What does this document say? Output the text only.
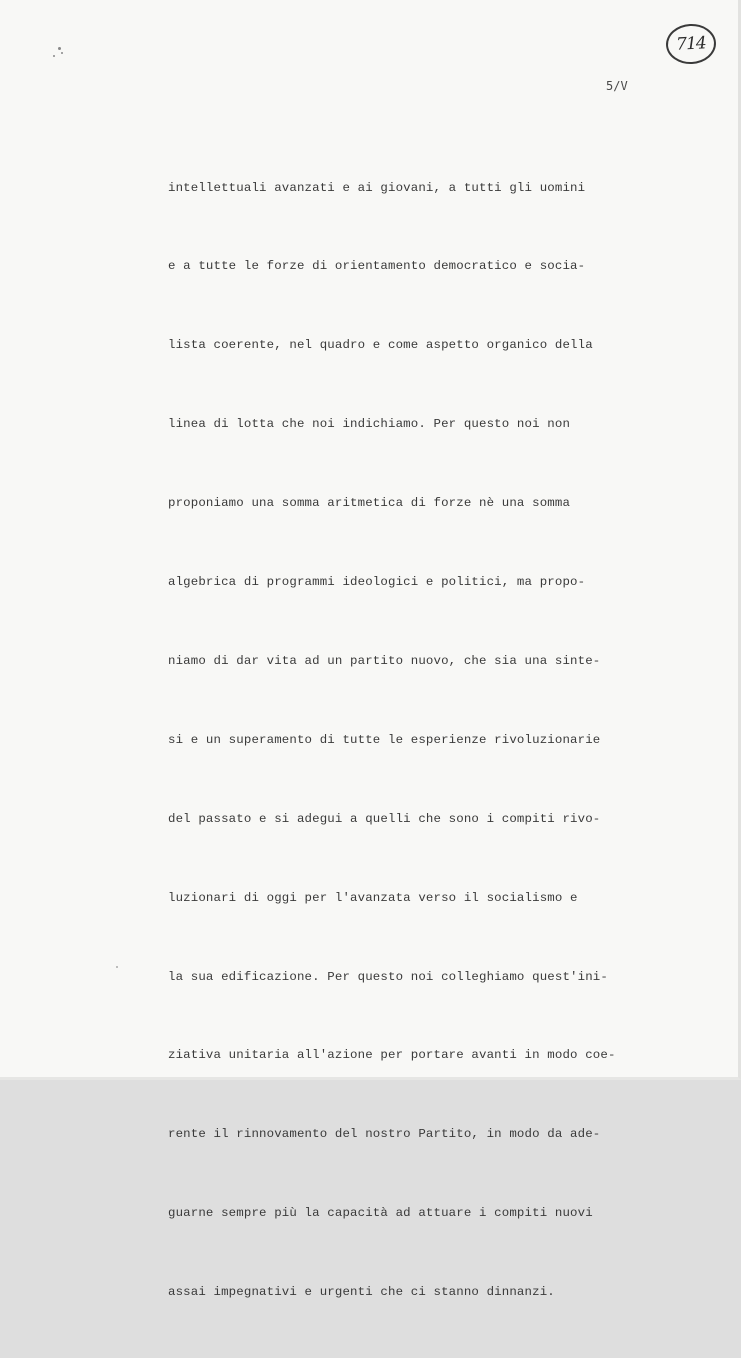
714
5/V

intellettuali avanzati e ai giovani, a tutti gli uomini

e a tutte le forze di orientamento democratico e socia-

lista coerente, nel quadro e come aspetto organico della

linea di lotta che noi indichiamo. Per questo noi non

proponiamo una somma aritmetica di forze nè una somma

algebrica di programmi ideologici e politici, ma propo-

niamo di dar vita ad un partito nuovo, che sia una sinte-

si e un superamento di tutte le esperienze rivoluzionarie

del passato e si adegui a quelli che sono i compiti rivo-

luzionari di oggi per l'avanzata verso il socialismo e

la sua edificazione. Per questo noi colleghiamo quest'ini-

ziativa unitaria all'azione per portare avanti in modo coe-

rente il rinnovamento del nostro Partito, in modo da ade-

guarne sempre più la capacità ad attuare i compiti nuovi

assai impegnativi e urgenti che ci stanno dinnanzi.
